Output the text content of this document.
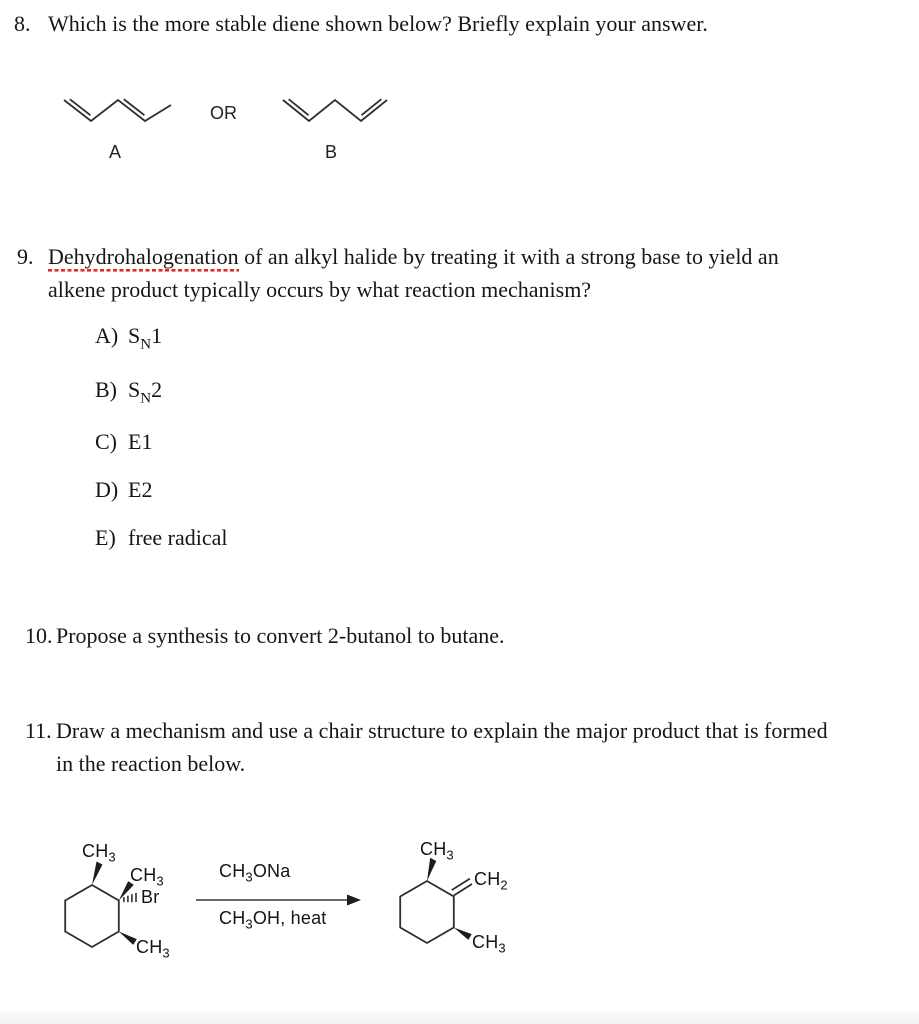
8. Which is the more stable diene shown below? Briefly explain your answer.
OR
A	B
9. Dehydrohalogenation of an alkyl halide by treating it with a strong base to yield an
alkene product typically occurs by what reaction mechanism?
A) $S_N1$
B) $S_N2$
C) E1
D) E2
E) free radical
10. Propose a synthesis to convert 2-butanol to butane.
11. Draw a mechanism and use a chair structure to explain the major product that is formed
in the reaction below.
$CH_3$
$CH_3$
Br
$CH_3$
$CH_3ONa$
$CH_3OH$, heat
$CH_3$
$CH_2$
$CH_3$
